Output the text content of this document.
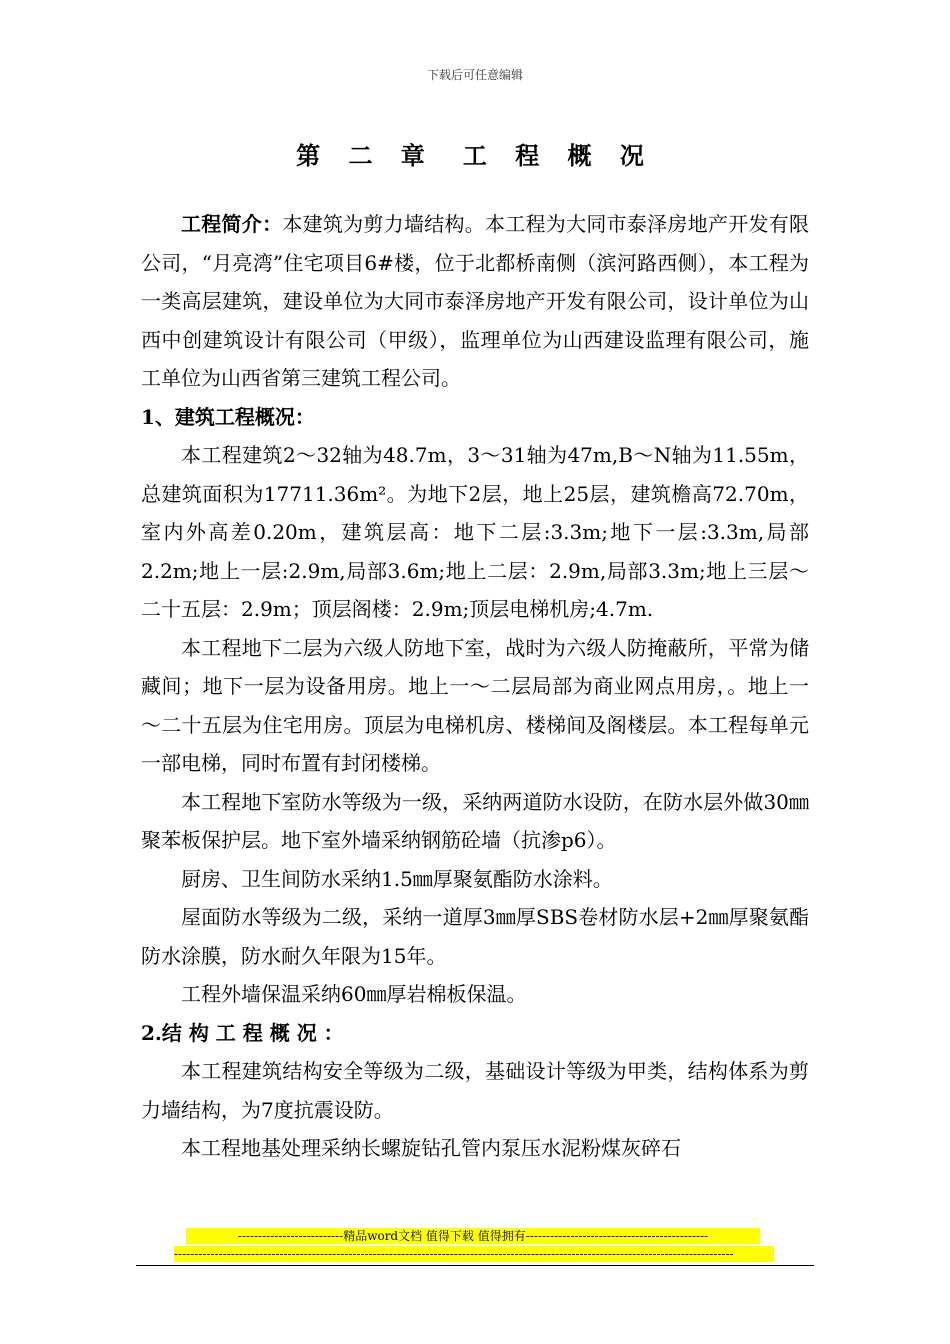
下载后可任意编辑
第 二 章 工 程 概 况

工程简介：本建筑为剪力墙结构。本工程为大同市泰泽房地产开发有限公司，“月亮湾”住宅项目6#楼，位于北都桥南侧（滨河路西侧），本工程为一类高层建筑，建设单位为大同市泰泽房地产开发有限公司，设计单位为山西中创建筑设计有限公司（甲级），监理单位为山西建设监理有限公司，施工单位为山西省第三建筑工程公司。

1、建筑工程概况：

本工程建筑2～32轴为48.7m，3～31轴为47m,B～N轴为11.55m，总建筑面积为17711.36m²。为地下2层，地上25层，建筑檐高72.70m，室内外高差0.20m，建筑层高：地下二层:3.3m;地下一层:3.3m,局部2.2m;地上一层:2.9m,局部3.6m;地上二层：2.9m,局部3.3m;地上三层～二十五层：2.9m；顶层阁楼：2.9m;顶层电梯机房;4.7m.

本工程地下二层为六级人防地下室，战时为六级人防掩蔽所，平常为储藏间；地下一层为设备用房。地上一～二层局部为商业网点用房，。地上一～二十五层为住宅用房。顶层为电梯机房、楼梯间及阁楼层。本工程每单元一部电梯，同时布置有封闭楼梯。

本工程地下室防水等级为一级，采纳两道防水设防，在防水层外做30㎜聚苯板保护层。地下室外墙采纳钢筋砼墙（抗渗p6）。

厨房、卫生间防水采纳1.5㎜厚聚氨酯防水涂料。

屋面防水等级为二级，采纳一道厚3㎜厚SBS卷材防水层+2㎜厚聚氨酯防水涂膜，防水耐久年限为15年。

工程外墙保温采纳60㎜厚岩棉板保温。

2.结 构 工 程 概 况 ：

本工程建筑结构安全等级为二级，基础设计等级为甲类，结构体系为剪力墙结构，为7度抗震设防。

本工程地基处理采纳长螺旋钻孔管内泵压水泥粉煤灰碎石

--------------------------精品word文档 值得下载 值得拥有---------------------------------------------
------------------------------------------------------------------------------------------------------------------------------------------
